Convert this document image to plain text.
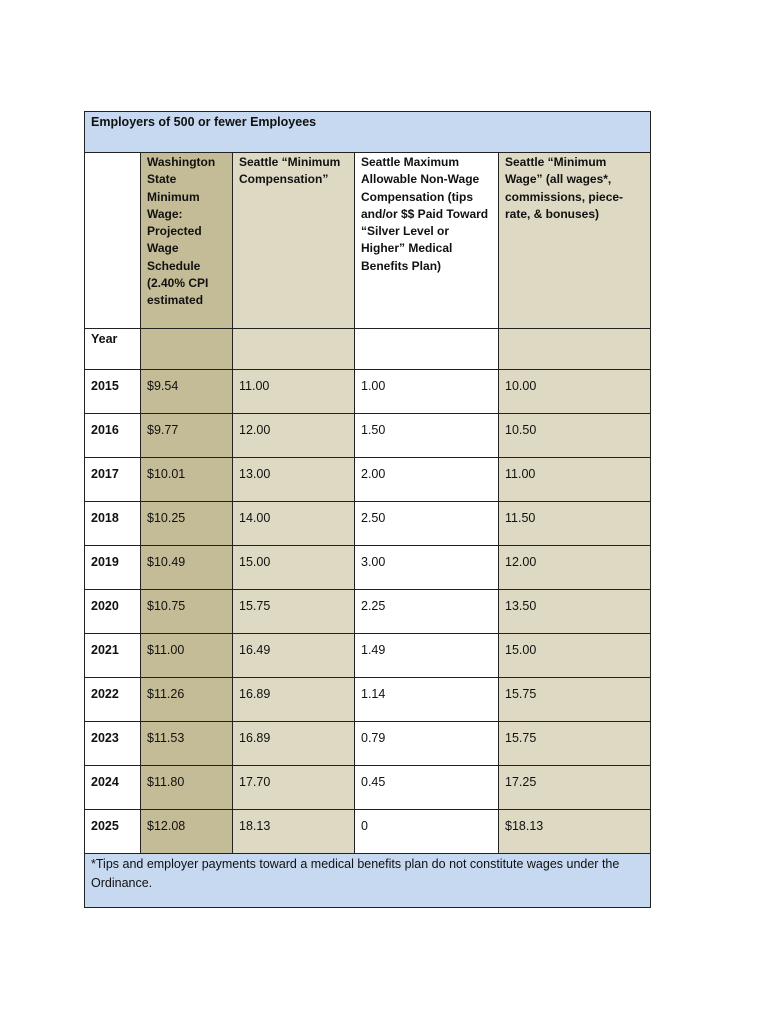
Employers of 500 or fewer Employees				
	Washington State Minimum Wage: Projected Wage Schedule (2.40% CPI estimated	Seattle “Minimum Compensation”	Seattle Maximum Allowable Non-Wage Compensation (tips and/or $$ Paid Toward “Silver Level or Higher” Medical Benefits Plan)	Seattle “Minimum Wage” (all wages*, commissions, piece-rate, & bonuses)
Year				
2015	$9.54	11.00	1.00	10.00
2016	$9.77	12.00	1.50	10.50
2017	$10.01	13.00	2.00	11.00
2018	$10.25	14.00	2.50	11.50
2019	$10.49	15.00	3.00	12.00
2020	$10.75	15.75	2.25	13.50
2021	$11.00	16.49	1.49	15.00
2022	$11.26	16.89	1.14	15.75
2023	$11.53	16.89	0.79	15.75
2024	$11.80	17.70	0.45	17.25
2025	$12.08	18.13	0	$18.13
*Tips and employer payments toward a medical benefits plan do not constitute wages under the Ordinance.				
